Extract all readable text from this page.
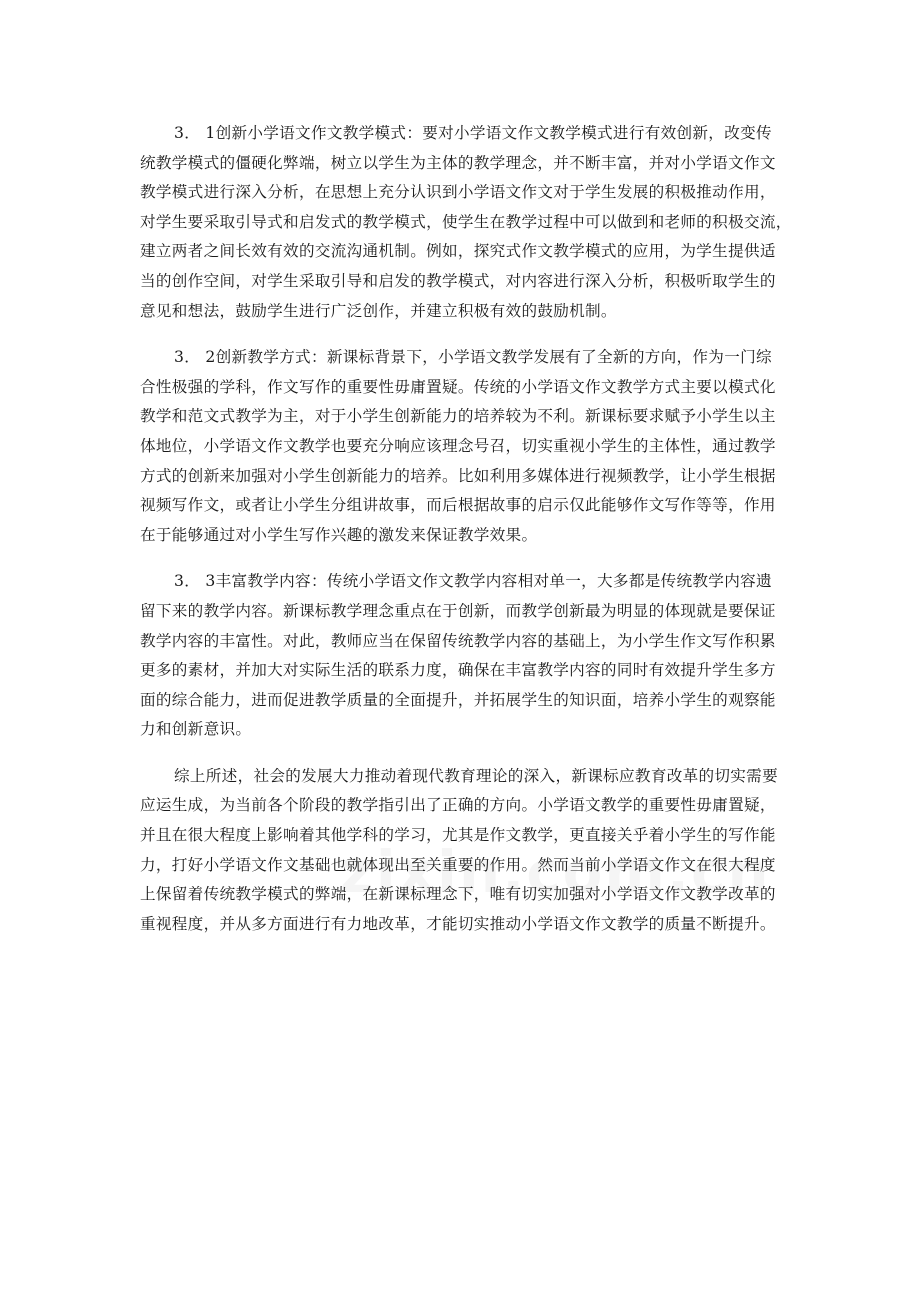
3． 1创新小学语文作文教学模式：要对小学语文作文教学模式进行有效创新，改变传
统教学模式的僵硬化弊端，树立以学生为主体的教学理念，并不断丰富，并对小学语文作文
教学模式进行深入分析，在思想上充分认识到小学语文作文对于学生发展的积极推动作用，
对学生要采取引导式和启发式的教学模式，使学生在教学过程中可以做到和老师的积极交流，
建立两者之间长效有效的交流沟通机制。例如，探究式作文教学模式的应用，为学生提供适
当的创作空间，对学生采取引导和启发的教学模式，对内容进行深入分析，积极听取学生的
意见和想法，鼓励学生进行广泛创作，并建立积极有效的鼓励机制。

3． 2创新教学方式：新课标背景下，小学语文教学发展有了全新的方向，作为一门综
合性极强的学科，作文写作的重要性毋庸置疑。传统的小学语文作文教学方式主要以模式化
教学和范文式教学为主，对于小学生创新能力的培养较为不利。新课标要求赋予小学生以主
体地位，小学语文作文教学也要充分响应该理念号召，切实重视小学生的主体性，通过教学
方式的创新来加强对小学生创新能力的培养。比如利用多媒体进行视频教学，让小学生根据
视频写作文，或者让小学生分组讲故事，而后根据故事的启示仅此能够作文写作等等，作用
在于能够通过对小学生写作兴趣的激发来保证教学效果。

3． 3丰富教学内容：传统小学语文作文教学内容相对单一，大多都是传统教学内容遗
留下来的教学内容。新课标教学理念重点在于创新，而教学创新最为明显的体现就是要保证
教学内容的丰富性。对此，教师应当在保留传统教学内容的基础上，为小学生作文写作积累
更多的素材，并加大对实际生活的联系力度，确保在丰富教学内容的同时有效提升学生多方
面的综合能力，进而促进教学质量的全面提升，并拓展学生的知识面，培养小学生的观察能
力和创新意识。

综上所述，社会的发展大力推动着现代教育理论的深入，新课标应教育改革的切实需要
应运生成，为当前各个阶段的教学指引出了正确的方向。小学语文教学的重要性毋庸置疑，
并且在很大程度上影响着其他学科的学习，尤其是作文教学，更直接关乎着小学生的写作能
力，打好小学语文作文基础也就体现出至关重要的作用。然而当前小学语文作文在很大程度
上保留着传统教学模式的弊端，在新课标理念下，唯有切实加强对小学语文作文教学改革的
重视程度，并从多方面进行有力地改革，才能切实推动小学语文作文教学的质量不断提升。
